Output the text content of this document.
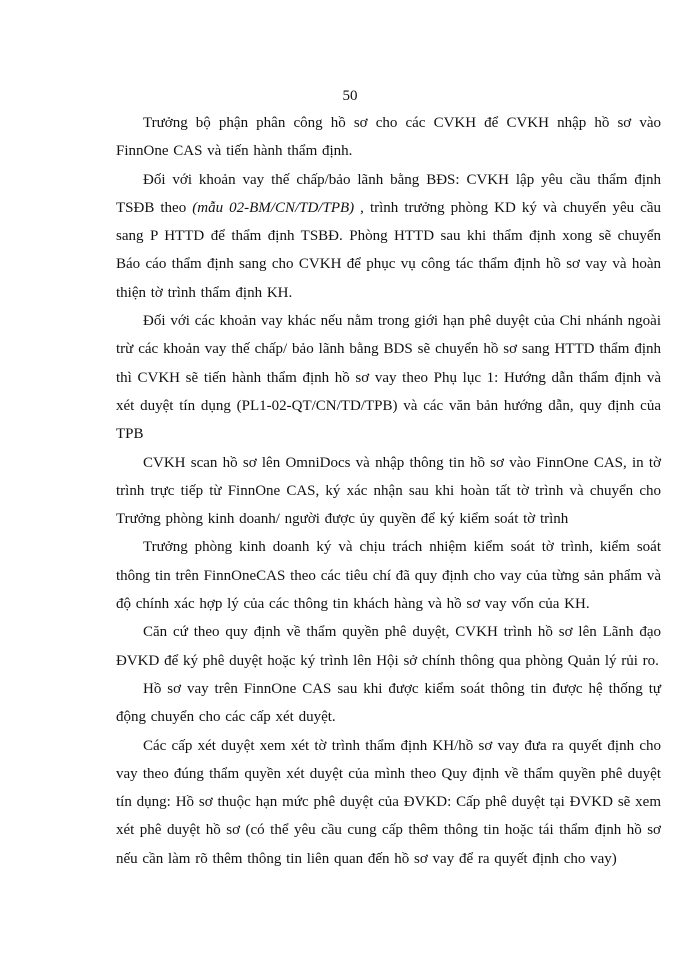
50

Trưởng bộ phận phân công hồ sơ cho các CVKH để CVKH nhập hồ sơ vào FinnOne CAS và tiến hành thẩm định.

Đối với khoản vay thế chấp/bảo lãnh bằng BĐS: CVKH lập yêu cầu thẩm định TSĐB theo (mẫu 02-BM/CN/TD/TPB) , trình trưởng phòng KD ký và chuyển yêu cầu sang P HTTD để thẩm định TSBĐ. Phòng HTTD sau khi thẩm định xong sẽ chuyển Báo cáo thẩm định sang cho CVKH để phục vụ công tác thẩm định hồ sơ vay và hoàn thiện tờ trình thẩm định KH.

Đối với các khoản vay khác nếu nằm trong giới hạn phê duyệt của Chi nhánh ngoài trừ các khoản vay thế chấp/ bảo lãnh bằng BDS sẽ chuyển hồ sơ sang HTTD thẩm định thì CVKH sẽ tiến hành thẩm định hồ sơ vay theo Phụ lục 1: Hướng dẫn thẩm định và xét duyệt tín dụng (PL1-02-QT/CN/TD/TPB) và các văn bản hướng dẫn, quy định của TPB

CVKH scan hồ sơ lên OmniDocs và nhập thông tin hồ sơ vào FinnOne CAS, in tờ trình trực tiếp từ FinnOne CAS, ký xác nhận sau khi hoàn tất tờ trình và chuyển cho Trưởng phòng kinh doanh/ người được ủy quyền để ký kiểm soát tờ trình

Trưởng phòng kinh doanh ký và chịu trách nhiệm kiểm soát tờ trình, kiểm soát thông tin trên FinnOneCAS theo các tiêu chí đã quy định cho vay của từng sản phẩm và độ chính xác hợp lý của các thông tin khách hàng và hồ sơ vay vốn của KH.

Căn cứ theo quy định về thẩm quyền phê duyệt, CVKH trình hồ sơ lên Lãnh đạo ĐVKD để ký phê duyệt hoặc ký trình lên Hội sở chính thông qua phòng Quản lý rủi ro.

Hồ sơ vay trên FinnOne CAS sau khi được kiểm soát thông tin được hệ thống tự động chuyển cho các cấp xét duyệt.

Các cấp xét duyệt xem xét tờ trình thẩm định KH/hồ sơ vay đưa ra quyết định cho vay theo đúng thẩm quyền xét duyệt của mình theo Quy định về thẩm quyền phê duyệt tín dụng: Hồ sơ thuộc hạn mức phê duyệt của ĐVKD: Cấp phê duyệt tại ĐVKD sẽ xem xét phê duyệt hồ sơ (có thể yêu cầu cung cấp thêm thông tin hoặc tái thẩm định hồ sơ nếu cần làm rõ thêm thông tin liên quan đến hồ sơ vay để ra quyết định cho vay)
